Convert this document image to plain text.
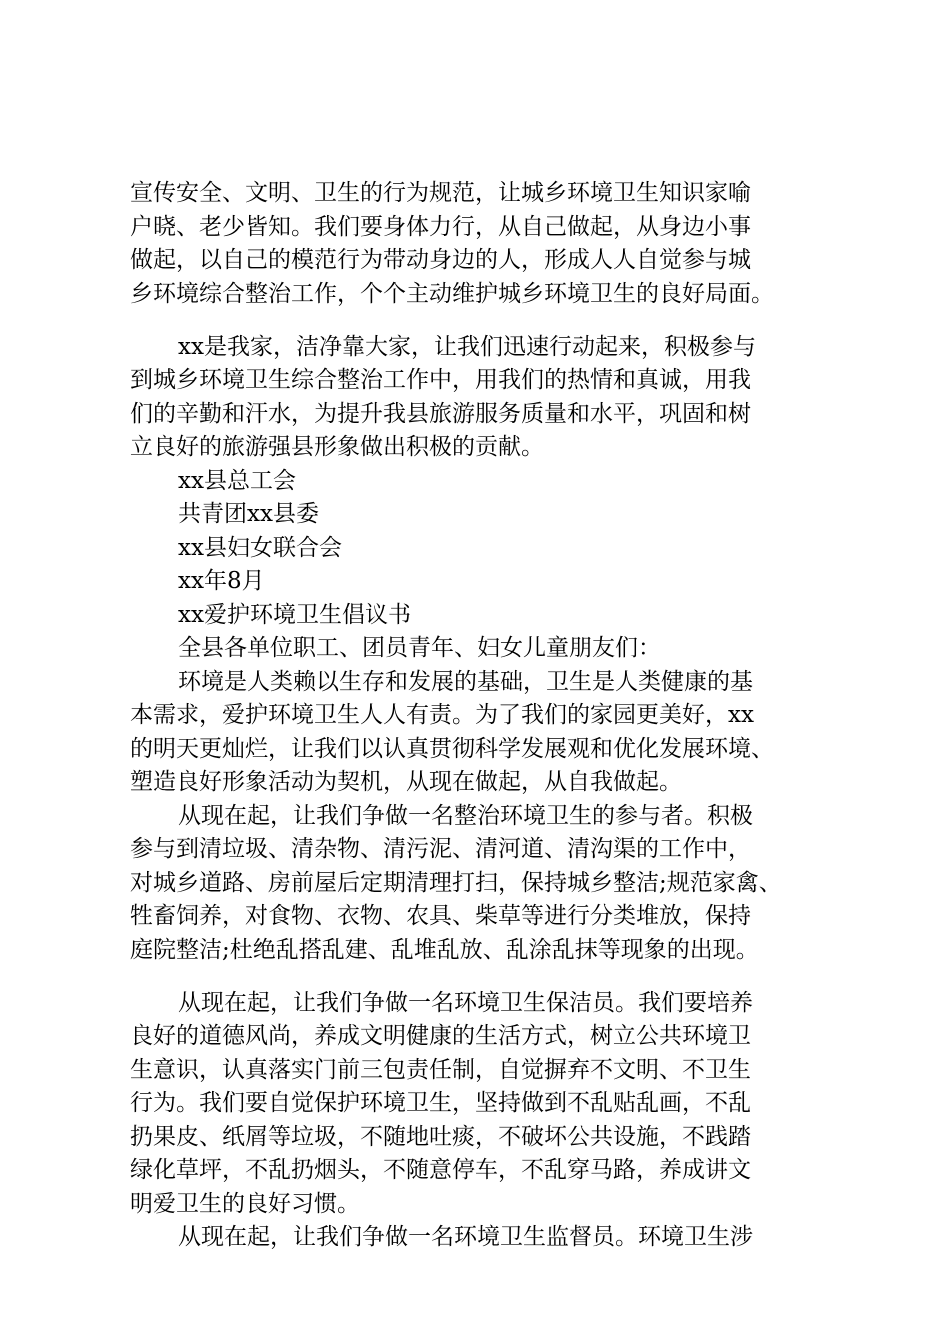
宣传安全、文明、卫生的行为规范，让城乡环境卫生知识家喻
户晓、老少皆知。我们要身体力行，从自己做起，从身边小事
做起，以自己的模范行为带动身边的人，形成人人自觉参与城
乡环境综合整治工作，个个主动维护城乡环境卫生的良好局面。
xx是我家，洁净靠大家，让我们迅速行动起来，积极参与
到城乡环境卫生综合整治工作中，用我们的热情和真诚，用我
们的辛勤和汗水，为提升我县旅游服务质量和水平，巩固和树
立良好的旅游强县形象做出积极的贡献。
xx县总工会
共青团xx县委
xx县妇女联合会
xx年8月
xx爱护环境卫生倡议书
全县各单位职工、团员青年、妇女儿童朋友们：
环境是人类赖以生存和发展的基础，卫生是人类健康的基
本需求，爱护环境卫生人人有责。为了我们的家园更美好，xx
的明天更灿烂，让我们以认真贯彻科学发展观和优化发展环境、
塑造良好形象活动为契机，从现在做起，从自我做起。
从现在起，让我们争做一名整治环境卫生的参与者。积极
参与到清垃圾、清杂物、清污泥、清河道、清沟渠的工作中，
对城乡道路、房前屋后定期清理打扫，保持城乡整洁;规范家禽、
牲畜饲养，对食物、衣物、农具、柴草等进行分类堆放，保持
庭院整洁;杜绝乱搭乱建、乱堆乱放、乱涂乱抹等现象的出现。
从现在起，让我们争做一名环境卫生保洁员。我们要培养
良好的道德风尚，养成文明健康的生活方式，树立公共环境卫
生意识，认真落实门前三包责任制，自觉摒弃不文明、不卫生
行为。我们要自觉保护环境卫生，坚持做到不乱贴乱画，不乱
扔果皮、纸屑等垃圾，不随地吐痰，不破坏公共设施，不践踏
绿化草坪，不乱扔烟头，不随意停车，不乱穿马路，养成讲文
明爱卫生的良好习惯。
从现在起，让我们争做一名环境卫生监督员。环境卫生涉
